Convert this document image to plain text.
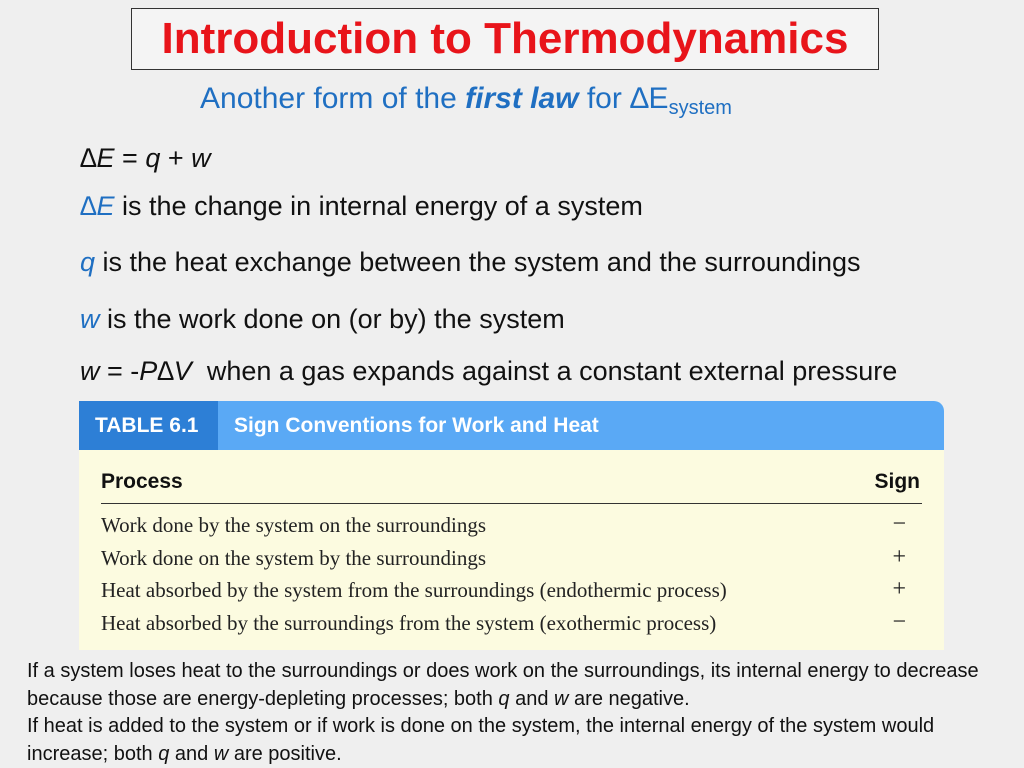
Introduction to Thermodynamics
Another form of the first law for $\Delta E_{system}$
∆E = q + w
∆E is the change in internal energy of a system
q is the heat exchange between the system and the surroundings
w is the work done on (or by) the system
w = -P∆V  when a gas expands against a constant external pressure
TABLE 6.1	Sign Conventions for Work and Heat
Process	Sign
Work done by the system on the surroundings	−
Work done on the system by the surroundings	+
Heat absorbed by the system from the surroundings (endothermic process)	+
Heat absorbed by the surroundings from the system (exothermic process)	−
If a system loses heat to the surroundings or does work on the surroundings, its internal energy to decrease because those are energy-depleting processes; both q and w are negative.
If heat is added to the system or if work is done on the system, the internal energy of the system would increase; both q and w are positive.
